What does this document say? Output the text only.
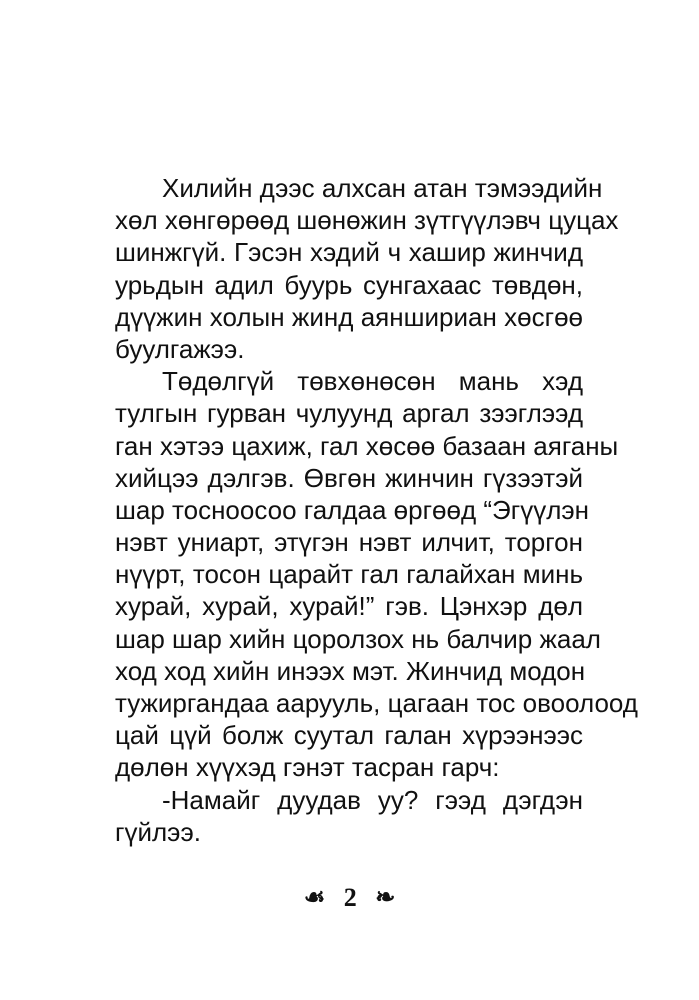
Хилийн дээс алхсан атан тэмээдийн
хөл хөнгөрөөд шөнөжин зүтгүүлэвч цуцах
шинжгүй. Гэсэн хэдий ч хашир жинчид
урьдын адил буурь сунгахаас төвдөн,
дүүжин холын жинд аяншириан хөсгөө
буулгажээ.
Төдөлгүй төвхөнөсөн мань хэд
тулгын гурван чулуунд аргал зээглээд
ган хэтээ цахиж, гал хөсөө базаан аяганы
хийцээ дэлгэв. Өвгөн жинчин гүзээтэй
шар тосноосоо галдаа өргөөд “Эгүүлэн
нэвт униарт, этүгэн нэвт илчит, торгон
нүүрт, тосон царайт гал галайхан минь
хурай, хурай, хурай!” гэв. Цэнхэр дөл
шар шар хийн цоролзох нь балчир жаал
ход ход хийн инээх мэт. Жинчид модон
тужиргандаа аарууль, цагаан тос овоолоод
цай цүй болж суутал галан хүрээнээс
дөлөн хүүхэд гэнэт тасран гарч:
-Намайг дуудав уу? гээд дэгдэн
гүйлээ.
☙ 2 ❧
